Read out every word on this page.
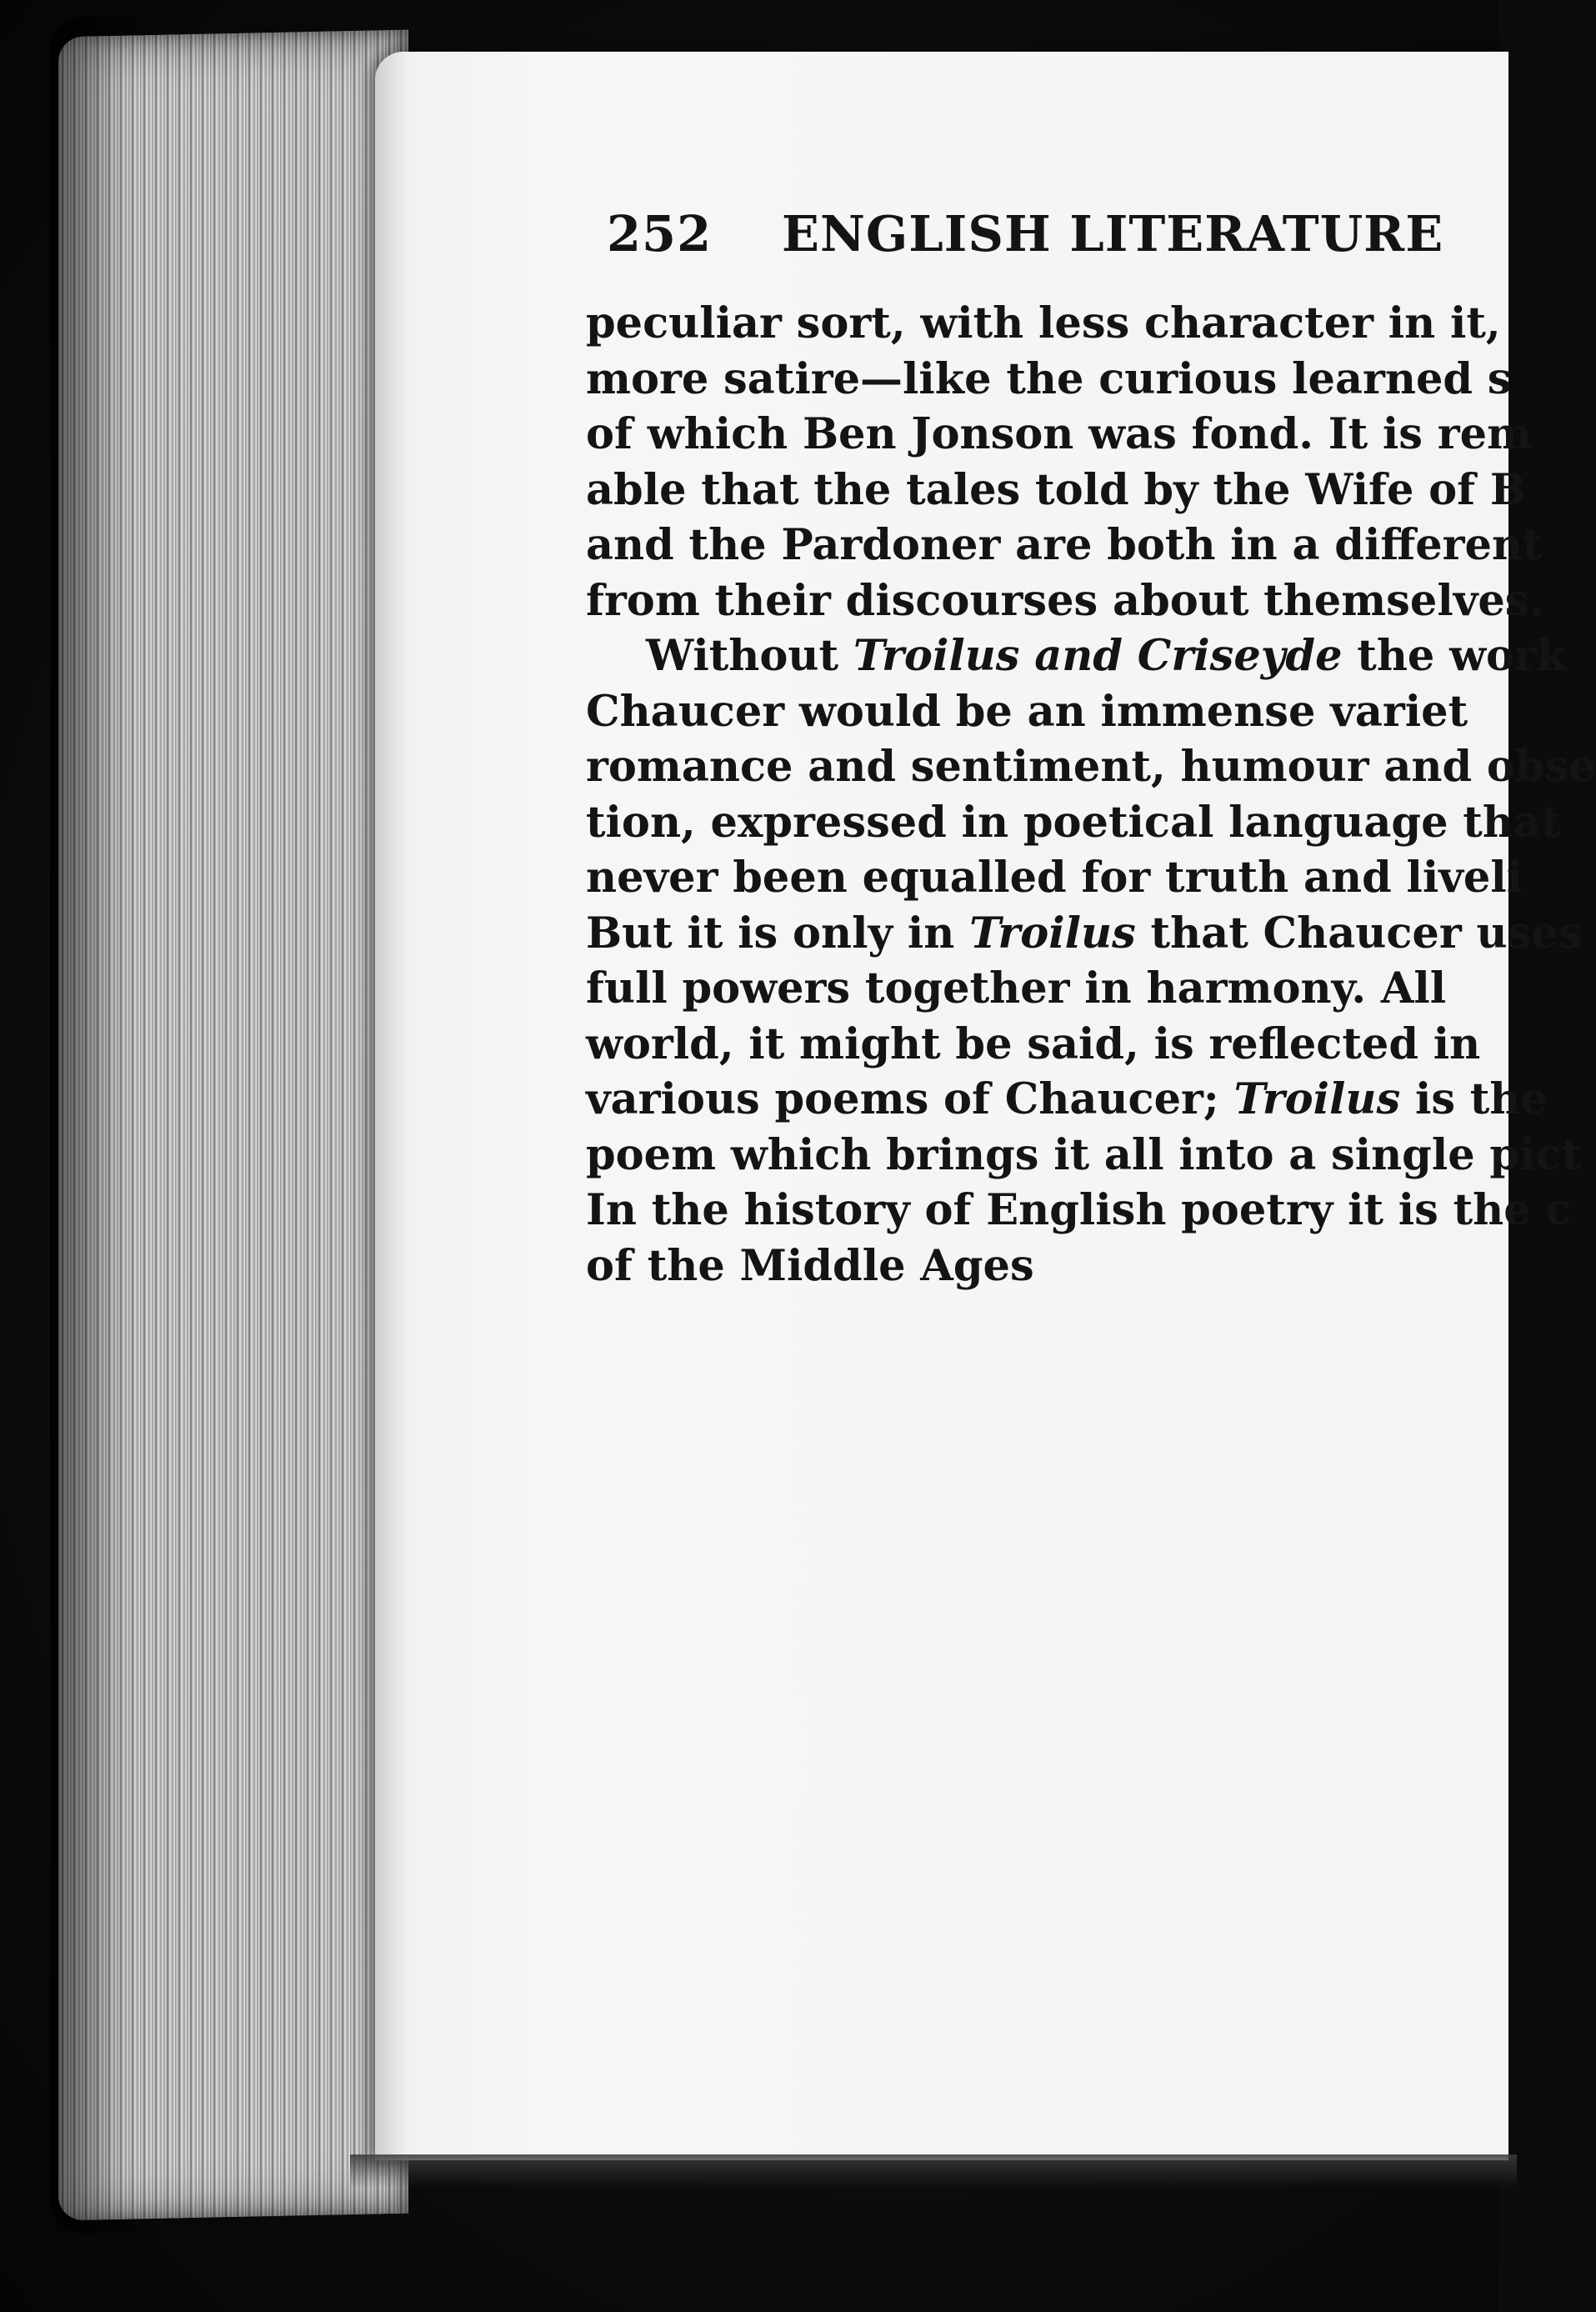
252 ENGLISH LITERATURE
peculiar sort, with less character in it,
more satire—like the curious learned s
of which Ben Jonson was fond. It is rem
able that the tales told by the Wife of B
and the Pardoner are both in a different
from their discourses about themselves.
Without Troilus and Criseyde the work
Chaucer would be an immense variet
romance and sentiment, humour and obse
tion, expressed in poetical language that
never been equalled for truth and liveli
But it is only in Troilus that Chaucer uses
full powers together in harmony. All
world, it might be said, is reflected in
various poems of Chaucer; Troilus is the
poem which brings it all into a single pict
In the history of English poetry it is the c
of the Middle Ages
